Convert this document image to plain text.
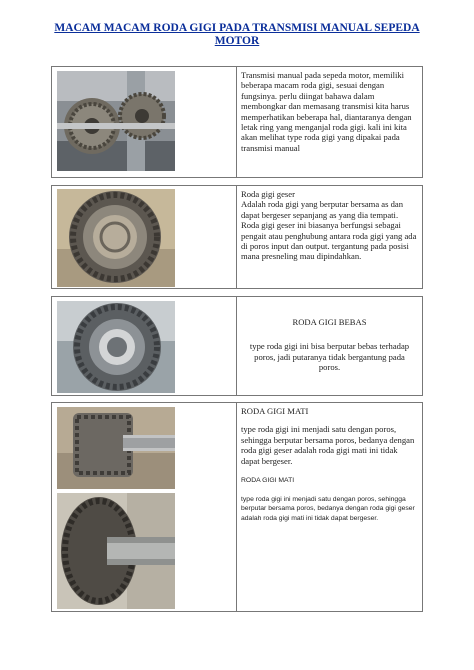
MACAM MACAM RODA GIGI PADA TRANSMISI MANUAL SEPEDA MOTOR
Transmisi manual pada sepeda motor, memiliki beberapa macam roda gigi, sesuai dengan fungsinya. perlu diingat bahawa dalam membongkar dan memasang transmisi kita harus memperhatikan beberapa hal, diantaranya dengan letak ring yang menganjal roda gigi. kali ini kita akan melihat type roda gigi yang dipakai pada transmisi manual
Roda gigi geser
Adalah roda gigi yang berputar bersama as dan dapat bergeser sepanjang as yang dia tempati. Roda gigi geser ini biasanya berfungsi sebagai pengait atau penghubung antara roda gigi yang ada di poros input dan output. tergantung pada posisi mana presneling mau dipindahkan.
RODA GIGI BEBAS
type roda gigi ini bisa berputar bebas terhadap poros, jadi putaranya tidak bergantung pada poros.
RODA GIGI MATI
type roda gigi ini menjadi satu dengan poros, sehingga berputar bersama poros, bedanya dengan roda gigi geser adalah roda gigi mati ini tidak dapat bergeser.
RODA GIGI MATI
type roda gigi ini menjadi satu dengan poros, sehingga berputar bersama poros, bedanya dengan roda gigi geser adalah roda gigi mati ini tidak dapat bergeser.
